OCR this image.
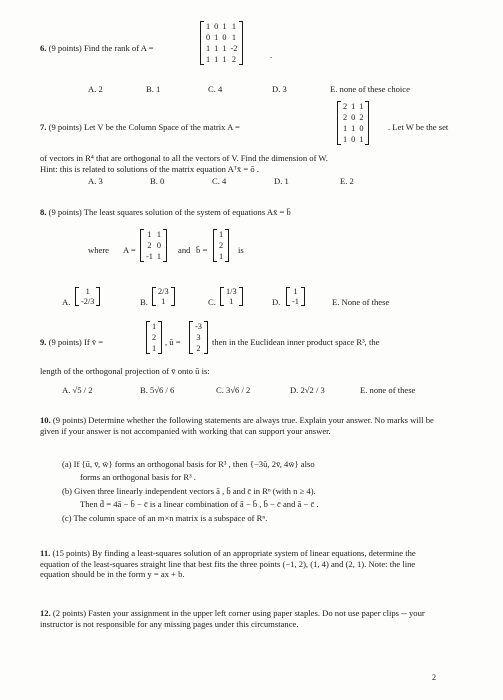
6. (9 points) Find the rank of A =
1	0	1	1
0	1	0	1
1	1	1	-2
1	1	1	2	.
A. 2	B. 1	C. 4	D. 3	E. none of these choice
7. (9 points) Let V be the Column Space of the matrix A =
2	1	1
2	0	2
1	1	0
1	0	1
. Let W be the set
of vectors in R⁴ that are orthogonal to all the vectors of V. Find the dimension of W.
Hint: this is related to solutions of the matrix equation Aᵀx̄ = ō .
A. 3	B. 0	C. 4	D. 1	E. 2
8. (9 points) The least squares solution of the system of equations Ax̄ = b̄
where A =
1	1
2	0
-1	1
and b̄ =
1
2
1
is
A.
1
-2/3	B.
2/3
1	C.
1/3
1	D.
1
-1	E. None of these
9. (9 points) If v̄ =
1
2
1
, ū =
-3
3
2
then in the Euclidean inner product space R³, the
length of the orthogonal projection of v̄ onto ū is:
A. √5 / 2	B. 5√6 / 6	C. 3√6 / 2	D. 2√2 / 3	E. none of these
10. (9 points) Determine whether the following statements are always true. Explain your answer. No marks will be given if your answer is not accompanied with working that can support your answer.
(a) If {ū, v̄, w̄} forms an orthogonal basis for R³ , then {−3ū, 2v̄, 4w̄} also
forms an orthogonal basis for R³ .
(b) Given three linearly independent vectors ā , b̄ and c̄ in Rⁿ (with n ≥ 4).
Then d̄ = 4ā − b̄ − c̄ is a linear combination of ā − b̄ , b̄ − c̄ and ā − c̄ .
(c) The column space of an m×n matrix is a subspace of Rⁿ.
11. (15 points) By finding a least-squares solution of an appropriate system of linear equations, determine the equation of the least-squares straight line that best fits the three points (−1, 2), (1, 4) and (2, 1). Note: the line equation should be in the form y = ax + b.
12. (2 points) Fasten your assignment in the upper left corner using paper staples. Do not use paper clips -- your instructor is not responsible for any missing pages under this circumstance.
2
